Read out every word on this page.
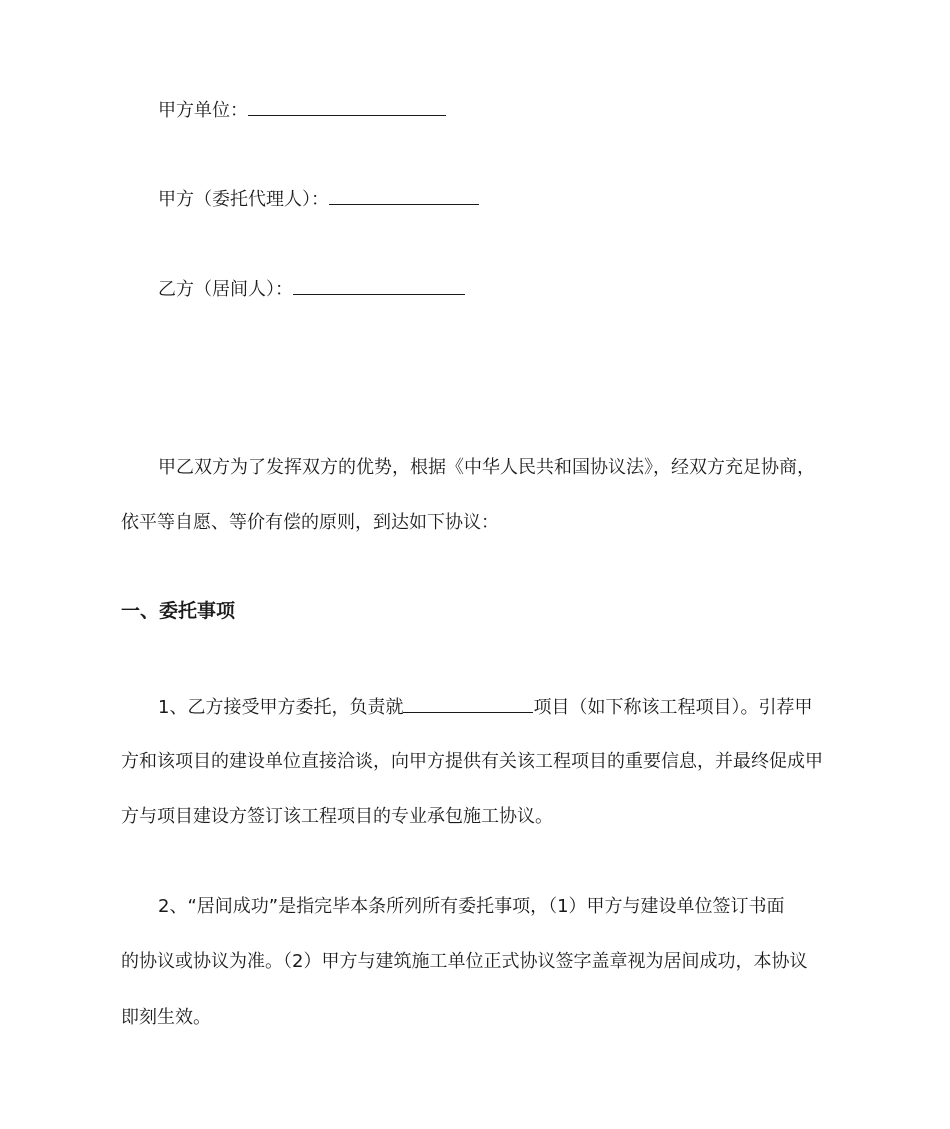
甲方单位：

甲方（委托代理人）：

乙方（居间人）：

甲乙双方为了发挥双方的优势，根据《中华人民共和国协议法》，经双方充足协商，

依平等自愿、等价有偿的原则，到达如下协议：

一、委托事项

1、乙方接受甲方委托，负责就	项目（如下称该工程项目）。引荐甲

方和该项目的建设单位直接洽谈，向甲方提供有关该工程项目的重要信息，并最终促成甲

方与项目建设方签订该工程项目的专业承包施工协议。

2、“居间成功”是指完毕本条所列所有委托事项，（1）甲方与建设单位签订书面

的协议或协议为准。（2）甲方与建筑施工单位正式协议签字盖章视为居间成功，本协议

即刻生效。
